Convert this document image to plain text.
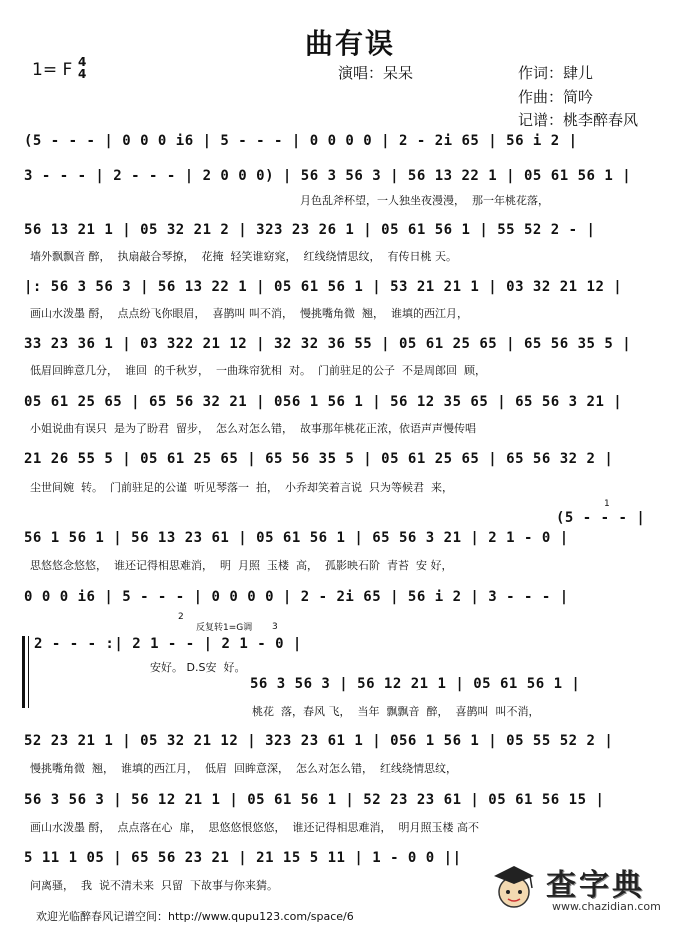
曲有误
1= F 4
4	演唱：呆呆	作词：肆儿
作曲：简吟
记谱：桃李醉春风
(5 - - - | 0 0 0 i6 | 5 - - - | 0 0 0 0 | 2 - 2i 65 | 56 i 2 |
3 - - - | 2 - - - | 2 0 0 0) | 56 3 56 3 | 56 13 22 1 | 05 61 56 1 |
月色乱斧杯望，一人独坐夜漫漫，  那一年桃花落，
56 13 21 1 | 05 32 21 2 | 323 23 26 1 | 05 61 56 1 | 55 52 2 - |
墙外飘飘音 醉，  执扇敲合琴撩，  花掩  轻笑谁窈窕，  红线绕情思纹，  有传日桃 天。
|: 56 3 56 3 | 56 13 22 1 | 05 61 56 1 | 53 21 21 1 | 03 32 21 12 |
画山水泼墨 酹，  点点纷飞你眼眉，  喜鹊叫 叫不消，  慢挑嘴角微  翘，  谁填的西江月，
33 23 36 1 | 03 322 21 12 | 32 32 36 55 | 05 61 25 65 | 65 56 35 5 |
低眉回眸意几分，  谁回  的千秋岁，  一曲珠帘犹相  对。  门前驻足的公子  不是周郎回  顾，
05 61 25 65 | 65 56 32 21 | 056 1 56 1 | 56 12 35 65 | 65 56 3 21 |
小姐说曲有误只  是为了盼君  留步，  怎么对怎么错，  故事那年桃花正浓，依语声声慢传唱
21 26 55 5 | 05 61 25 65 | 65 56 35 5 | 05 61 25 65 | 65 56 32 2 |
尘世间婉  转。  门前驻足的公谨  听见琴落一  拍，  小乔却笑着言说  只为等候君  来，
(5 - - - |
56 1 56 1 | 56 13 23 61 | 05 61 56 1 | 65 56 3 21 | 2 1 - 0 |
思悠悠念悠悠，  谁还记得相思难消，  明  月照  玉楼  高，  孤影映石阶  青苔  安 好，
0 0 0 i6 | 5 - - - | 0 0 0 0 | 2 - 2i 65 | 56 i 2 | 3 - - - |
反复转1=G调
2
3
1
2 - - - :| 2 1 - - | 2 1 - 0 |
安好。 D.S安  好。
56 3 56 3 | 56 12 21 1 | 05 61 56 1 |
桃花  落，春风 飞，  当年  飘飘音  醉，  喜鹊叫  叫不消，
52 23 21 1 | 05 32 21 12 | 323 23 61 1 | 056 1 56 1 | 05 55 52 2 |
慢挑嘴角微  翘，  谁填的西江月，  低眉  回眸意深，  怎么对怎么错，  红线绕情思纹，
56 3 56 3 | 56 12 21 1 | 05 61 56 1 | 52 23 23 61 | 05 61 56 15 |
画山水泼墨 酹，  点点落在心  扉，  思悠悠恨悠悠，  谁还记得相思难消，  明月照玉楼 高不
5 11 1 05 | 65 56 23 21 | 21 15 5 11 | 1 - 0 0 ||
问离骚，  我  说不清未来  只留  下故事与你来猜。	查字典
www.chazidian.com
欢迎光临醉春风记谱空间：http://www.qupu123.com/space/6
